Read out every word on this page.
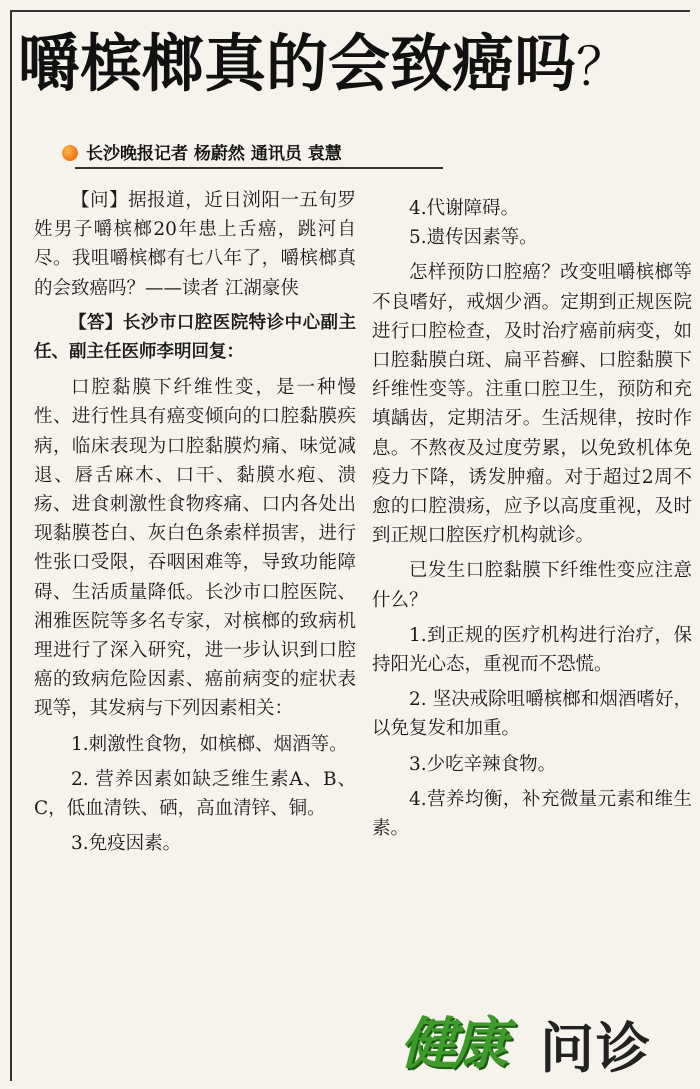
嚼槟榔真的会致癌吗？
长沙晚报记者 杨蔚然 通讯员 袁慧

【问】据报道，近日浏阳一五旬罗姓男子嚼槟榔20年患上舌癌，跳河自尽。我咀嚼槟榔有七八年了，嚼槟榔真的会致癌吗？——读者 江湖豪侠

【答】长沙市口腔医院特诊中心副主任、副主任医师李明回复：

口腔黏膜下纤维性变，是一种慢性、进行性具有癌变倾向的口腔黏膜疾病，临床表现为口腔黏膜灼痛、味觉减退、唇舌麻木、口干、黏膜水疱、溃疡、进食刺激性食物疼痛、口内各处出现黏膜苍白、灰白色条索样损害，进行性张口受限，吞咽困难等，导致功能障碍、生活质量降低。长沙市口腔医院、湘雅医院等多名专家，对槟榔的致病机理进行了深入研究，进一步认识到口腔癌的致病危险因素、癌前病变的症状表现等，其发病与下列因素相关：

1.刺激性食物，如槟榔、烟酒等。

2. 营养因素如缺乏维生素A、B、C，低血清铁、硒，高血清锌、铜。

3.免疫因素。

4.代谢障碍。

5.遗传因素等。

怎样预防口腔癌？改变咀嚼槟榔等不良嗜好，戒烟少酒。定期到正规医院进行口腔检查，及时治疗癌前病变，如口腔黏膜白斑、扁平苔癣、口腔黏膜下纤维性变等。注重口腔卫生，预防和充填龋齿，定期洁牙。生活规律，按时作息。不熬夜及过度劳累，以免致机体免疫力下降，诱发肿瘤。对于超过2周不愈的口腔溃疡，应予以高度重视，及时到正规口腔医疗机构就诊。

已发生口腔黏膜下纤维性变应注意什么？

1.到正规的医疗机构进行治疗，保持阳光心态，重视而不恐慌。

2. 坚决戒除咀嚼槟榔和烟酒嗜好，以免复发和加重。

3.少吃辛辣食物。

4.营养均衡，补充微量元素和维生素。

健康 问诊
